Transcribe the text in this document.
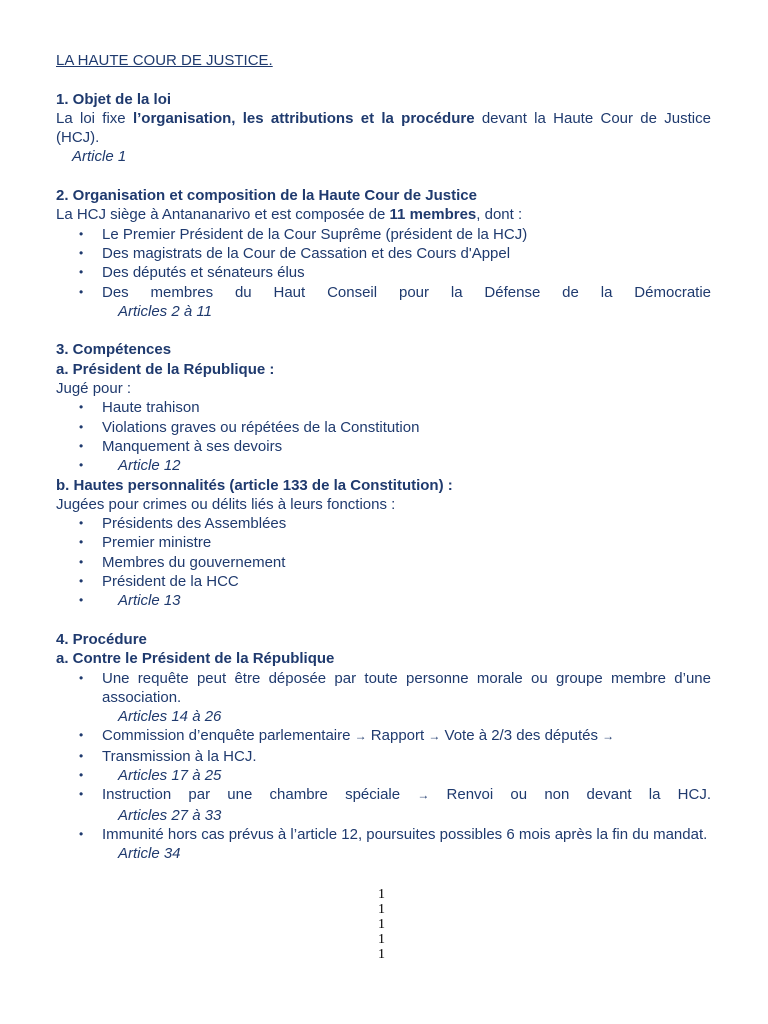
LA HAUTE COUR DE JUSTICE.
1. Objet de la loi

La loi fixe l’organisation, les attributions et la procédure devant la Haute Cour de Justice (HCJ).

Article 1
2. Organisation et composition de la Haute Cour de Justice

La HCJ siège à Antananarivo et est composée de 11 membres, dont :

• Le Premier Président de la Cour Suprême (président de la HCJ)
• Des magistrats de la Cour de Cassation et des Cours d'Appel
• Des députés et sénateurs élus
• Des membres du Haut Conseil pour la Défense de la Démocratie
Articles 2 à 11
3. Compétences
a. Président de la République :

Jugé pour :

• Haute trahison
• Violations graves ou répétées de la Constitution
• Manquement à ses devoirs
• Article 12
b. Hautes personnalités (article 133 de la Constitution) :

Jugées pour crimes ou délits liés à leurs fonctions :

• Présidents des Assemblées
• Premier ministre
• Membres du gouvernement
• Président de la HCC
• Article 13
4. Procédure
a. Contre le Président de la République
• Une requête peut être déposée par toute personne morale ou groupe membre d’une association.
Articles 14 à 26
• Commission d’enquête parlementaire → Rapport → Vote à 2/3 des députés →
• Transmission à la HCJ.
• Articles 17 à 25
• Instruction par une chambre spéciale → Renvoi ou non devant la HCJ.
Articles 27 à 33
• Immunité hors cas prévus à l’article 12, poursuites possibles 6 mois après la fin du mandat.
Article 34
1
1
1
1
1
